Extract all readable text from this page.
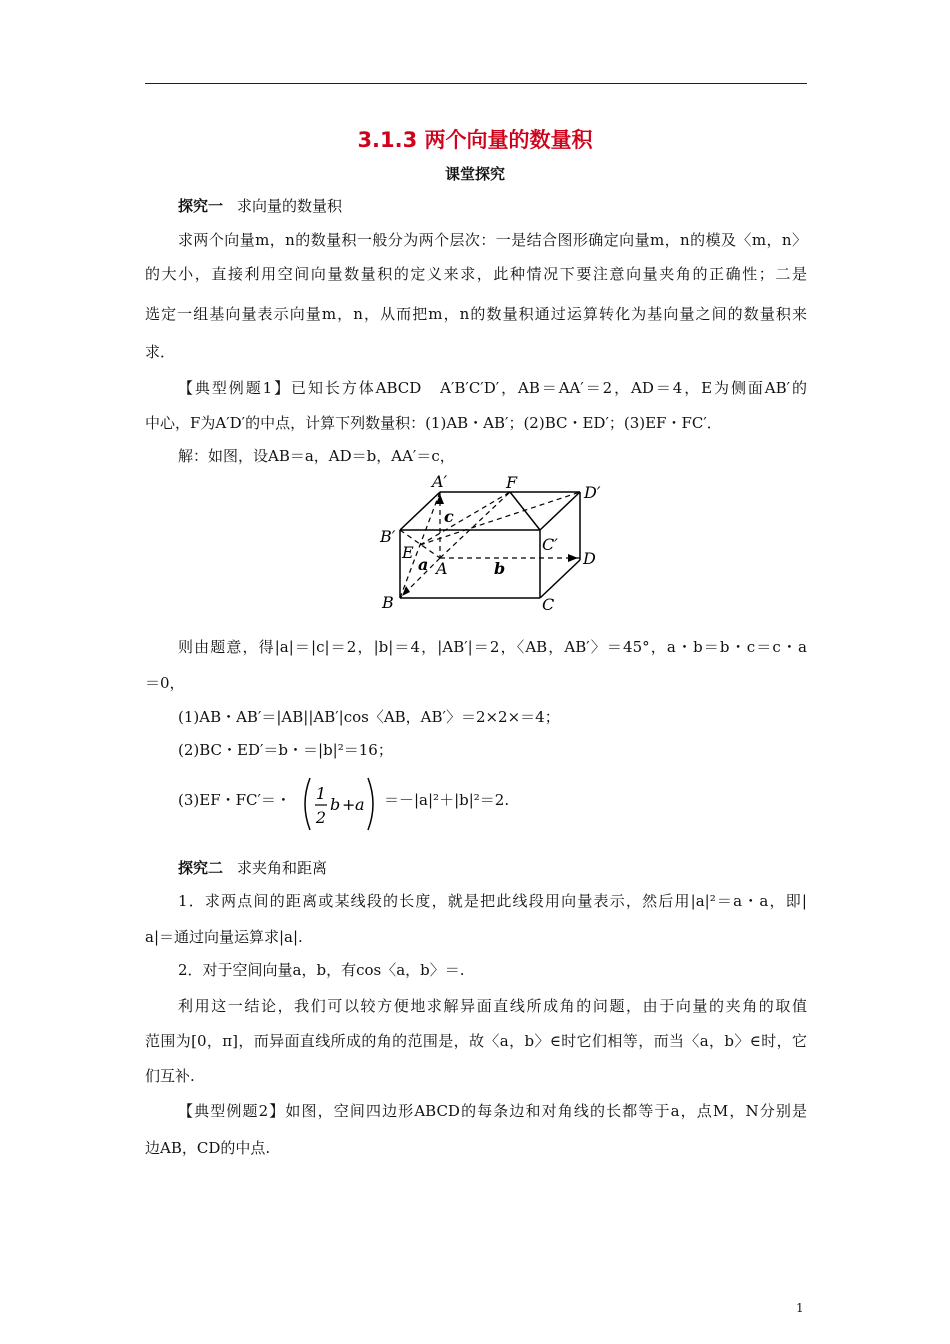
3.1.3 两个向量的数量积
课堂探究
探究一 求向量的数量积
求两个向量m，n的数量积一般分为两个层次：一是结合图形确定向量m，n的模及〈m，n〉
的大小，直接利用空间向量数量积的定义来求，此种情况下要注意向量夹角的正确性；二是
选定一组基向量表示向量m，n，从而把m，n的数量积通过运算转化为基向量之间的数量积来
求．
【典型例题1】已知长方体ABCD　A′B′C′D′，AB＝AA′＝2，AD＝4，E为侧面AB′的
中心，F为A′D′的中点，计算下列数量积：(1)AB・AB′；(2)BC・ED′；(3)EF・FC′．
解：如图，设AB＝a，AD＝b，AA′＝c，
A′	F
D′
B′	C′
E
A
D
B	C
a	b
c
则由题意，得|a|＝|c|＝2，|b|＝4，|AB′|＝2，〈AB，AB′〉＝45°，a・b＝b・c＝c・a
＝0，
(1)AB・AB′＝|AB||AB′|cos〈AB，AB′〉＝2×2×＝4；
(2)BC・ED′＝b・＝|b|²＝16；
(3)EF・FC′＝・	1
2
b + a ＝－|a|²＋|b|²＝2.
探究二 求夹角和距离
1．求两点间的距离或某线段的长度，就是把此线段用向量表示，然后用|a|²＝a・a，即|
a|＝通过向量运算求|a|.
2．对于空间向量a，b，有cos〈a，b〉＝.
利用这一结论，我们可以较方便地求解异面直线所成角的问题，由于向量的夹角的取值
范围为[0，π]，而异面直线所成的角的范围是，故〈a，b〉∈时它们相等，而当〈a，b〉∈时，它
们互补.
【典型例题2】如图，空间四边形ABCD的每条边和对角线的长都等于a，点M，N分别是
边AB，CD的中点.
1
